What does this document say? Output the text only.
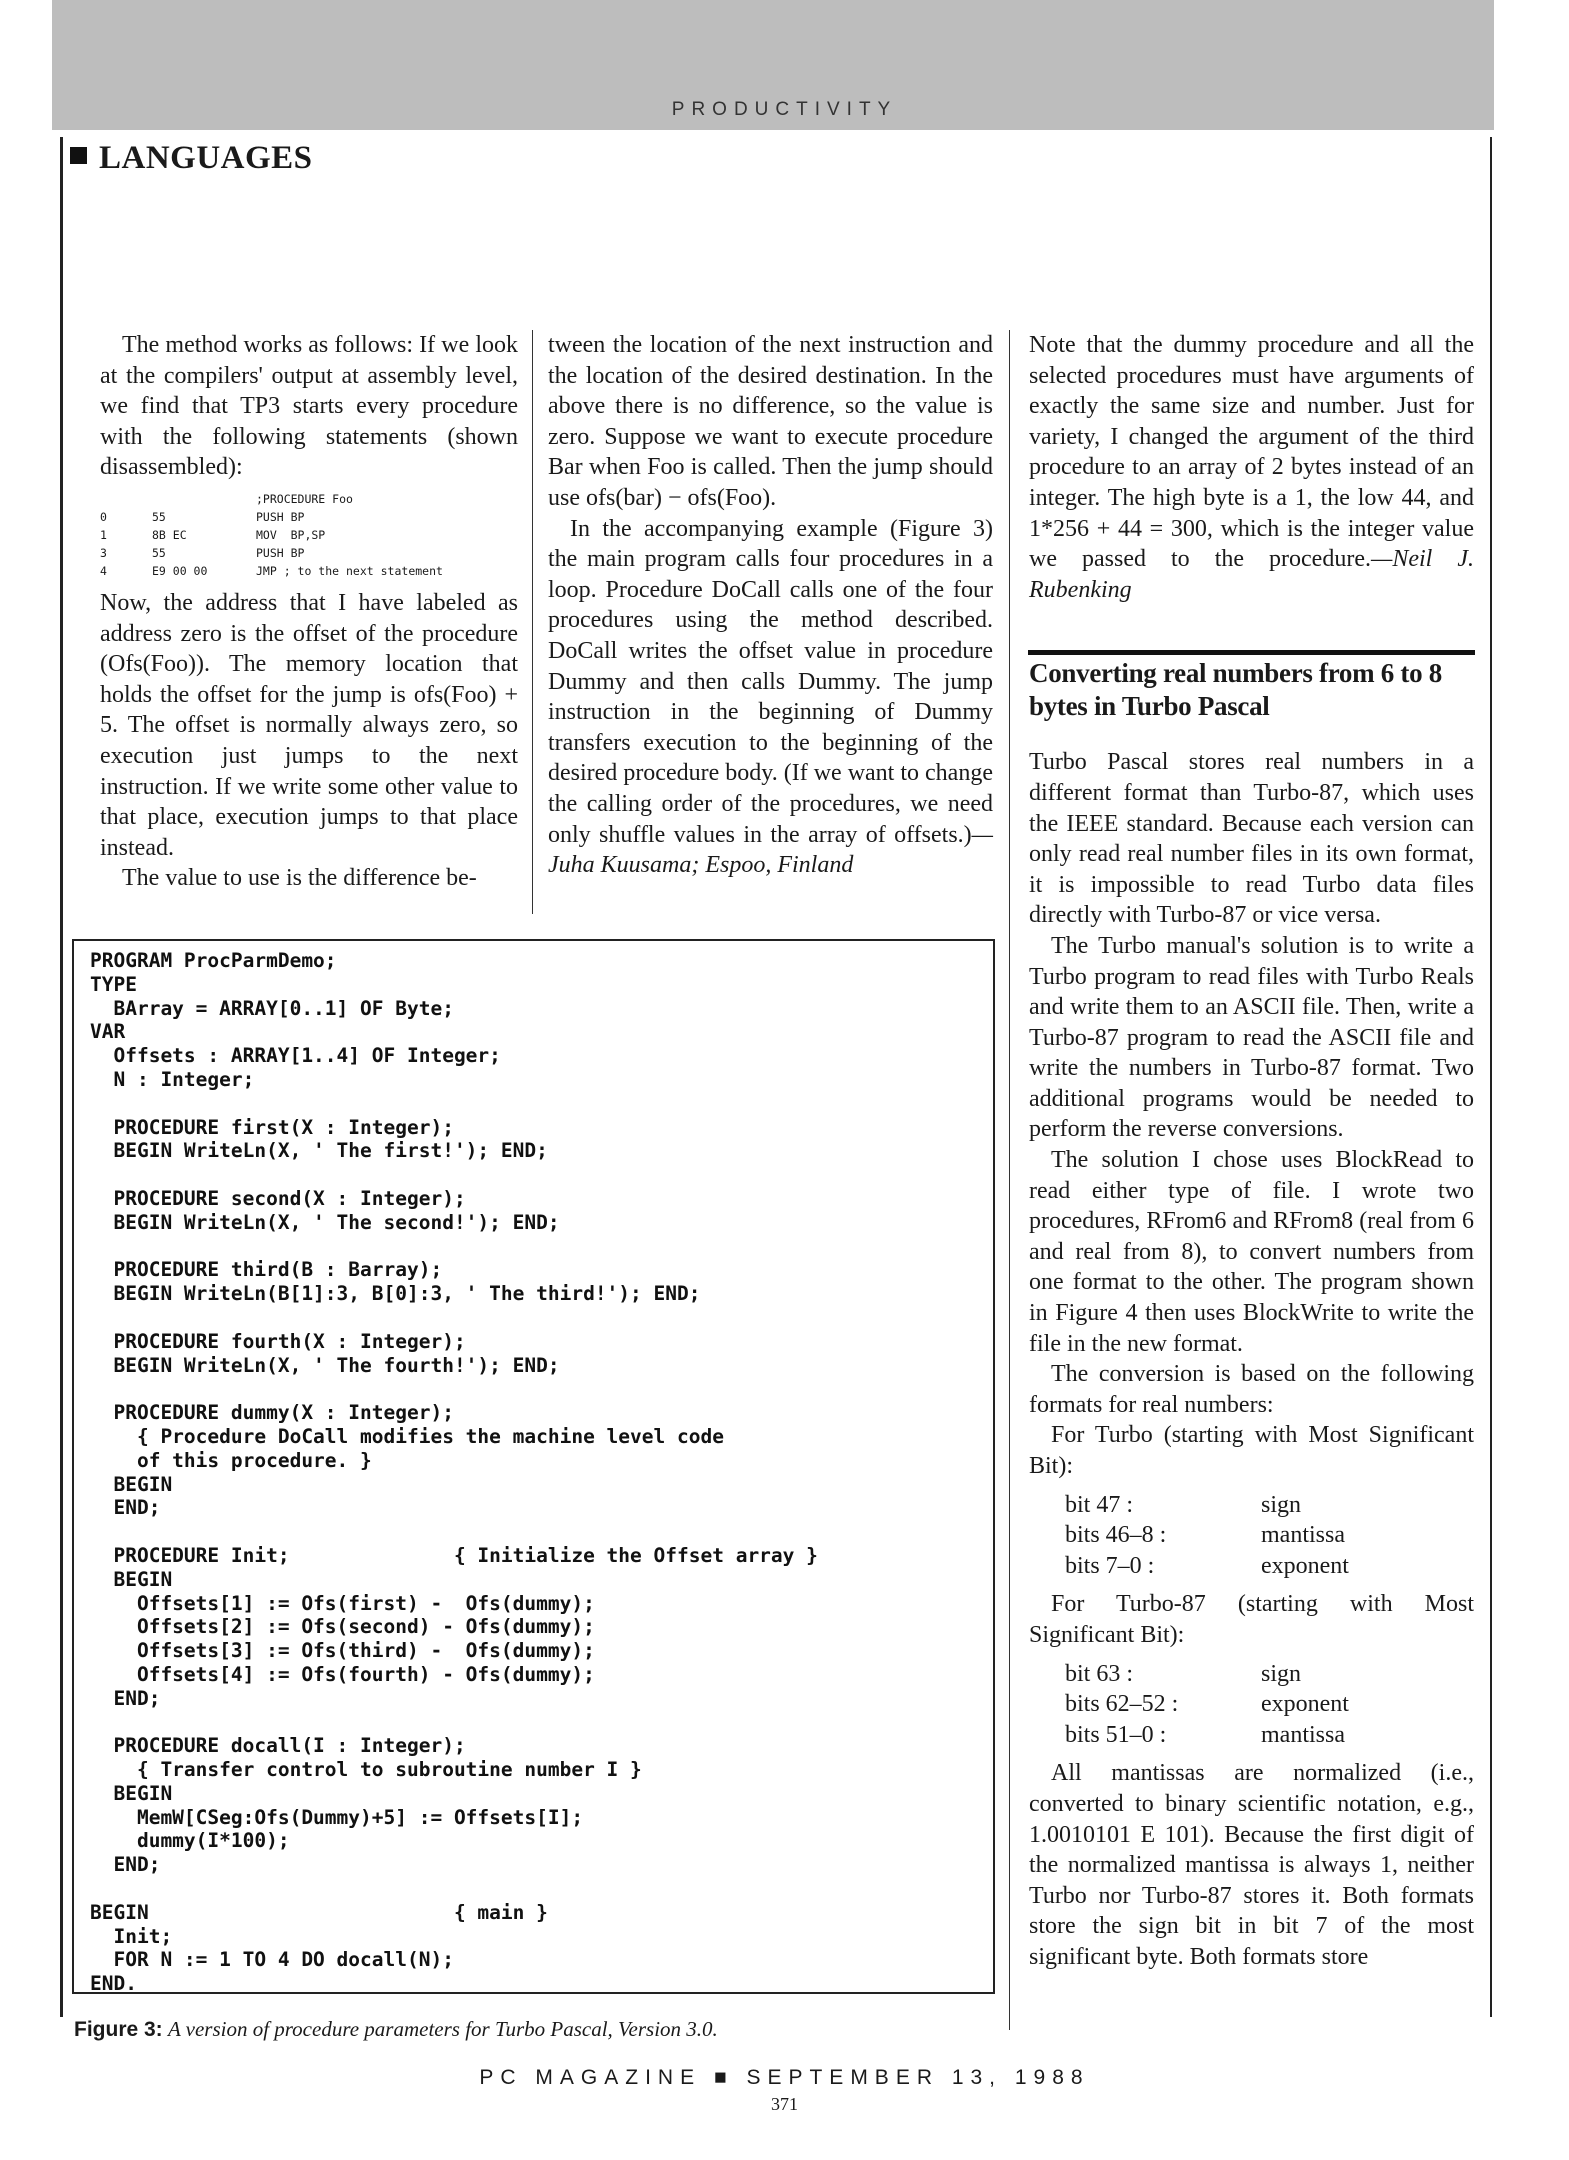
PRODUCTIVITY
LANGUAGES

The method works as follows: If we look at the compilers' output at assembly level, we find that TP3 starts every procedure with the following statements (shown disassembled):

;PROCEDURE Foo
0	55	PUSH BP
1	8B EC	MOV  BP,SP
3	55	PUSH BP
4	E9 00 00	JMP ; to the next statement

Now, the address that I have labeled as address zero is the offset of the procedure (Ofs(Foo)). The memory location that holds the offset for the jump is ofs(Foo) + 5. The offset is normally always zero, so execution just jumps to the next instruction. If we write some other value to that place, execution jumps to that place instead.

The value to use is the difference be-

tween the location of the next instruction and the location of the desired destination. In the above there is no difference, so the value is zero. Suppose we want to execute procedure Bar when Foo is called. Then the jump should use ofs(bar) − ofs(Foo).

In the accompanying example (Figure 3) the main program calls four procedures in a loop. Procedure DoCall calls one of the four procedures using the method described. DoCall writes the offset value in procedure Dummy and then calls Dummy. The jump instruction in the beginning of Dummy transfers execution to the beginning of the desired procedure body. (If we want to change the calling order of the procedures, we need only shuffle values in the array of offsets.)—Juha Kuusama; Espoo, Finland

Note that the dummy procedure and all the selected procedures must have arguments of exactly the same size and number. Just for variety, I changed the argument of the third procedure to an array of 2 bytes instead of an integer. The high byte is a 1, the low 44, and 1*256 + 44 = 300, which is the integer value we passed to the procedure.—Neil J. Rubenking

Converting real numbers from 6 to 8 bytes in Turbo Pascal

Turbo Pascal stores real numbers in a different format than Turbo-87, which uses the IEEE standard. Because each version can only read real number files in its own format, it is impossible to read Turbo data files directly with Turbo-87 or vice versa.

The Turbo manual's solution is to write a Turbo program to read files with Turbo Reals and write them to an ASCII file. Then, write a Turbo-87 program to read the ASCII file and write the numbers in Turbo-87 format. Two additional programs would be needed to perform the reverse conversions.

The solution I chose uses BlockRead to read either type of file. I wrote two procedures, RFrom6 and RFrom8 (real from 6 and real from 8), to convert numbers from one format to the other. The program shown in Figure 4 then uses BlockWrite to write the file in the new format.

The conversion is based on the following formats for real numbers:

For Turbo (starting with Most Significant Bit):

bit 47 :	sign
bits 46–8 :	mantissa
bits 7–0 :	exponent

For Turbo-87 (starting with Most Significant Bit):

bit 63 :	sign
bits 62–52 :	exponent
bits 51–0 :	mantissa

All mantissas are normalized (i.e., converted to binary scientific notation, e.g., 1.0010101 E 101). Because the first digit of the normalized mantissa is always 1, neither Turbo nor Turbo-87 stores it. Both formats store the sign bit in bit 7 of the most significant byte. Both formats store

PROGRAM ProcParmDemo;
TYPE
BArray = ARRAY[0..1] OF Byte;
VAR
Offsets : ARRAY[1..4] OF Integer;
N : Integer;

PROCEDURE first(X : Integer);
BEGIN WriteLn(X, ' The first!'); END;

PROCEDURE second(X : Integer);
BEGIN WriteLn(X, ' The second!'); END;

PROCEDURE third(B : Barray);
BEGIN WriteLn(B[1]:3, B[0]:3, ' The third!'); END;

PROCEDURE fourth(X : Integer);
BEGIN WriteLn(X, ' The fourth!'); END;

PROCEDURE dummy(X : Integer);
{ Procedure DoCall modifies the machine level code
of this procedure. }
BEGIN
END;

PROCEDURE Init;              { Initialize the Offset array }
BEGIN
Offsets[1] := Ofs(first) -  Ofs(dummy);
Offsets[2] := Ofs(second) - Ofs(dummy);
Offsets[3] := Ofs(third) -  Ofs(dummy);
Offsets[4] := Ofs(fourth) - Ofs(dummy);
END;

PROCEDURE docall(I : Integer);
{ Transfer control to subroutine number I }
BEGIN
MemW[CSeg:Ofs(Dummy)+5] := Offsets[I];
dummy(I*100);
END;

BEGIN                          { main }
Init;
FOR N := 1 TO 4 DO docall(N);
END.
Figure 3: A version of procedure parameters for Turbo Pascal, Version 3.0.
PC MAGAZINE ■ SEPTEMBER 13, 1988
371
